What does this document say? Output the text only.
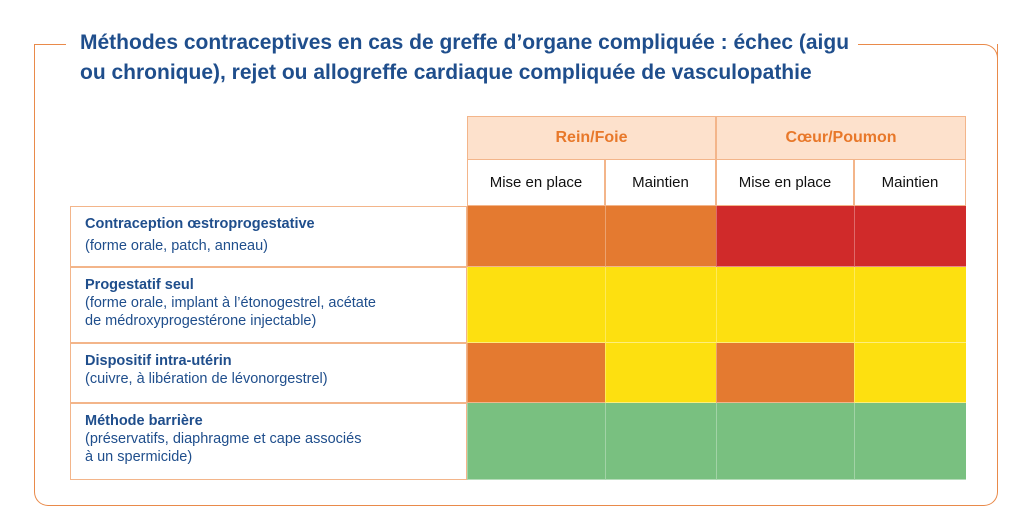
Méthodes contraceptives en cas de greffe d’organe compliquée : échec (aigu ou chronique), rejet ou allogreffe cardiaque compliquée de vasculopathie
Rein/Foie	Cœur/Poumon
Mise en place	Maintien	Mise en place	Maintien
Contraception œstroprogestative
(forme orale, patch, anneau)
Progestatif seul
(forme orale, implant à l’étonogestrel, acétate
de médroxyprogestérone injectable)
Dispositif intra-utérin
(cuivre, à libération de lévonorgestrel)
Méthode barrière
(préservatifs, diaphragme et cape associés
à un spermicide)
